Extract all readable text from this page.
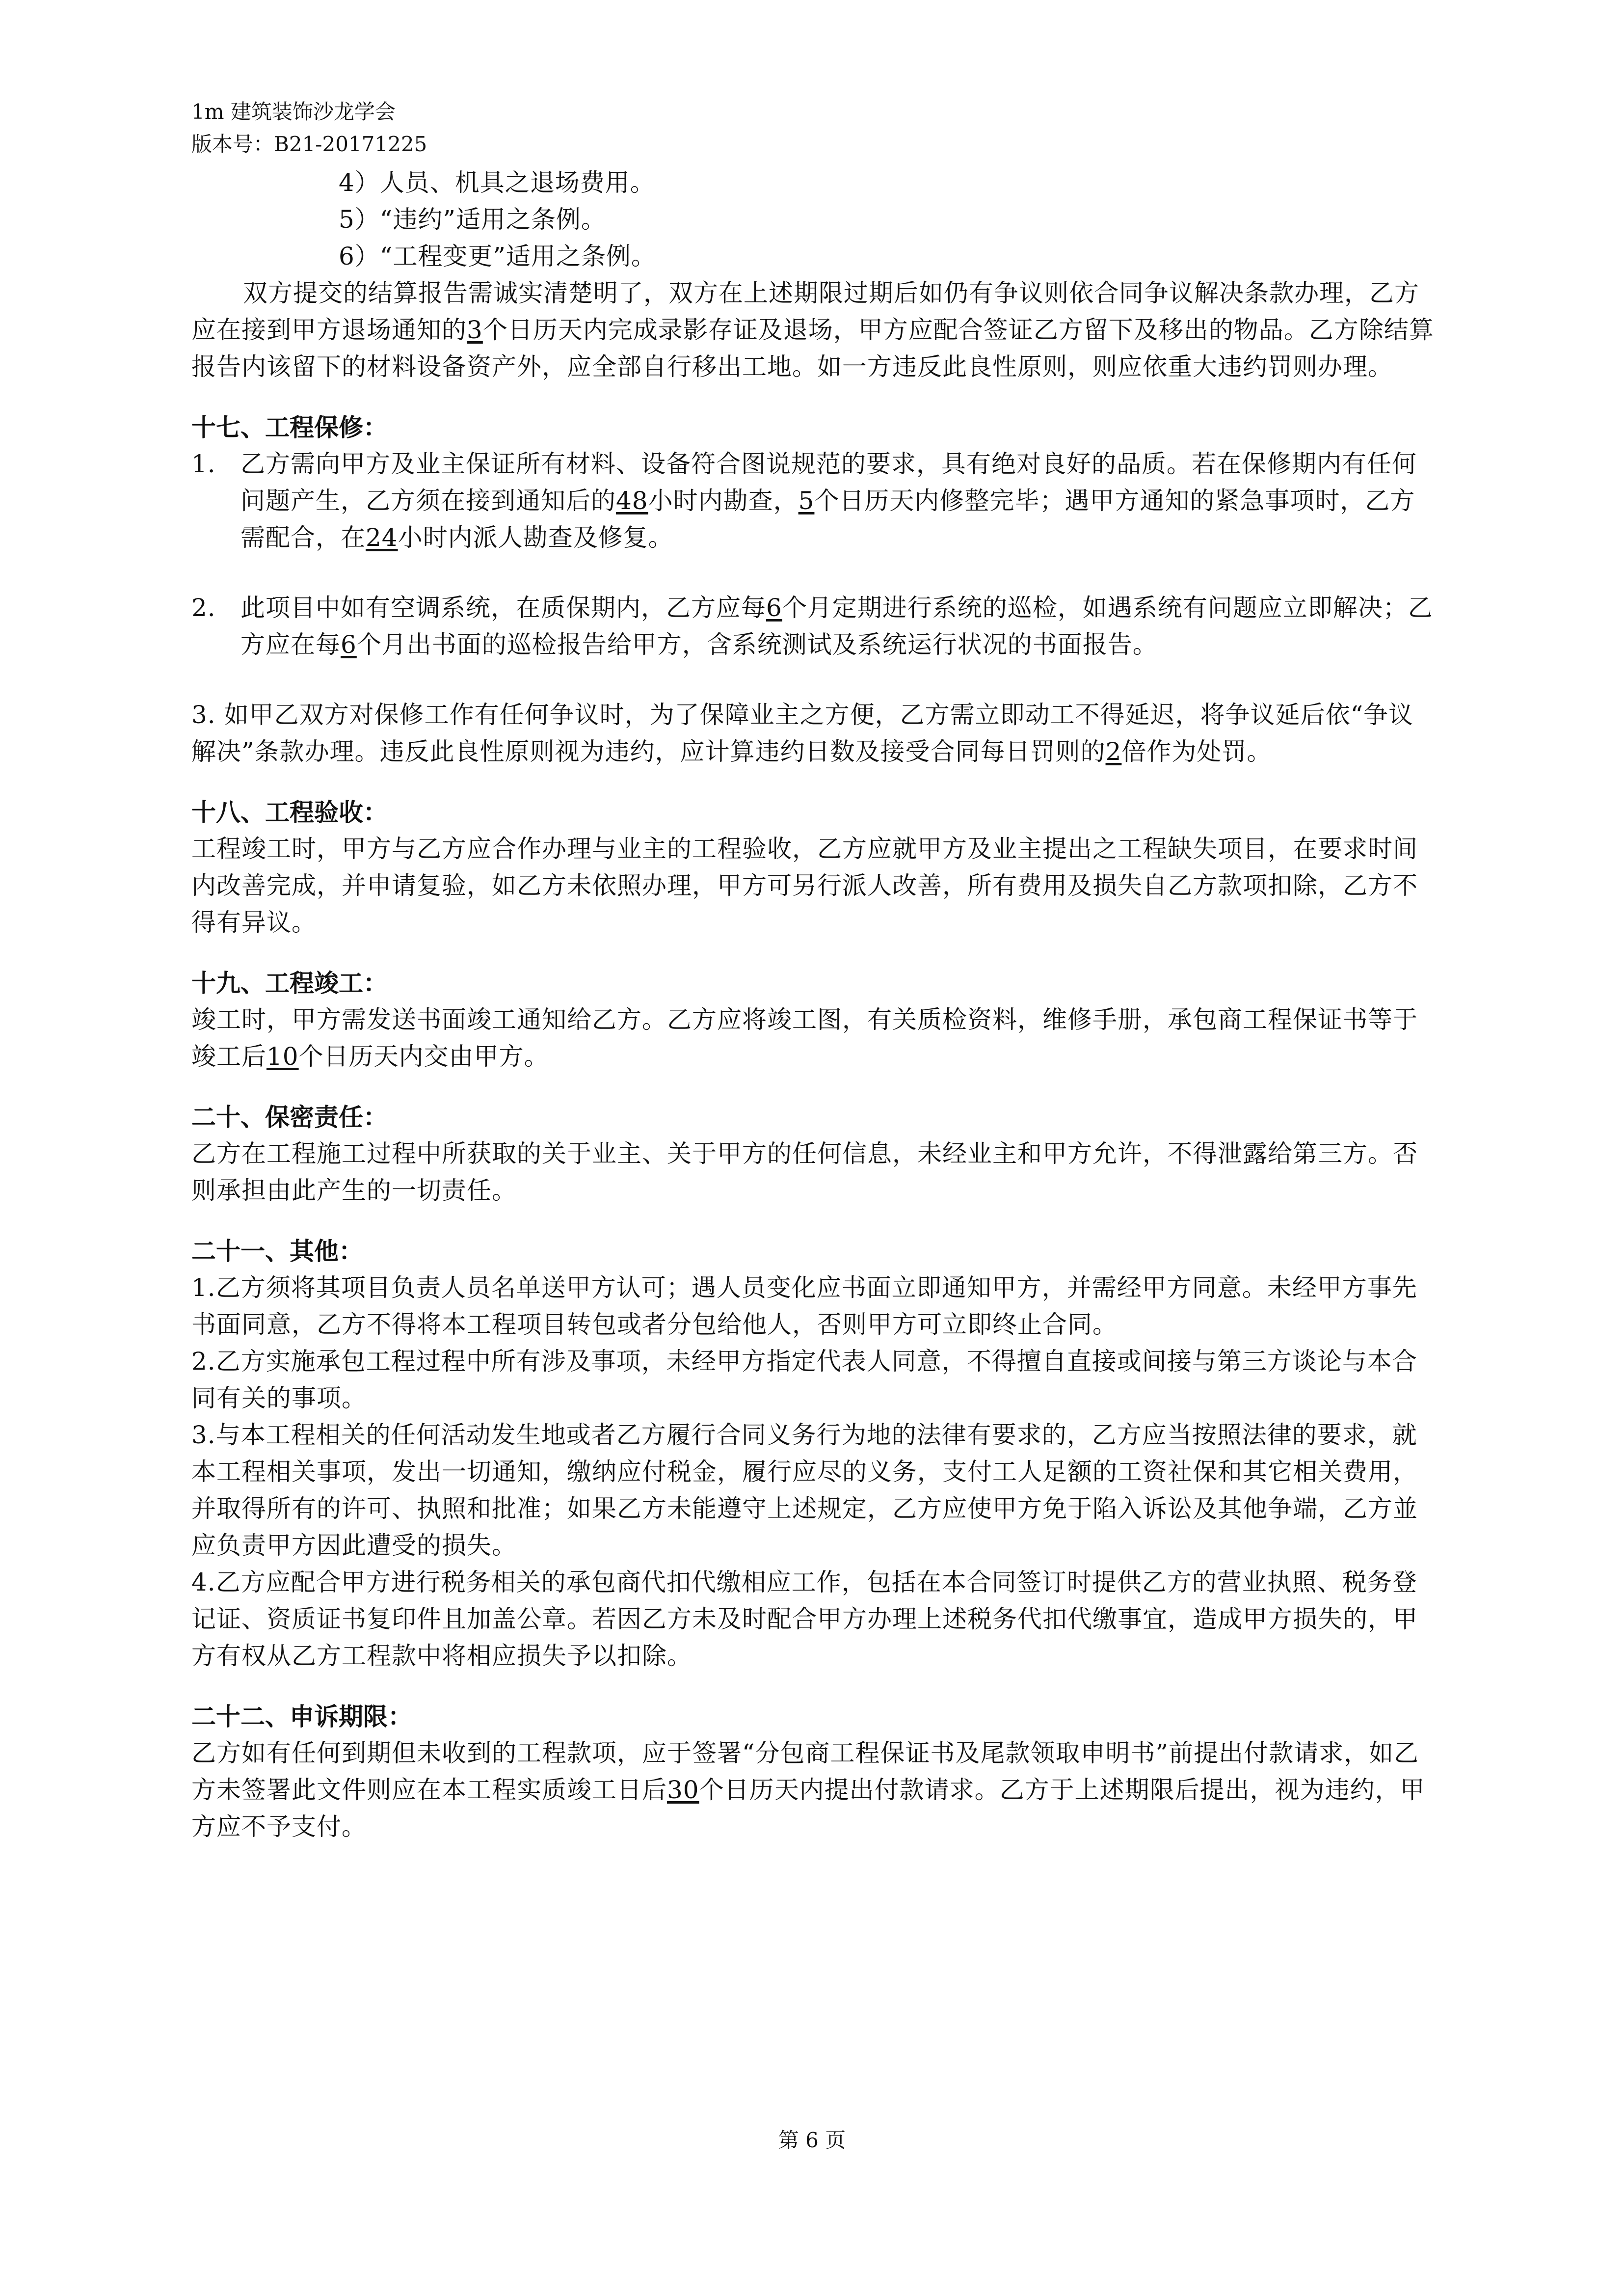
1m 建筑装饰沙龙学会
版本号：B21-20171225
4）人员、机具之退场费用。
5）“违约”适用之条例。
6）“工程变更”适用之条例。
双方提交的结算报告需诚实清楚明了，双方在上述期限过期后如仍有争议则依合同争议解决条款办理，乙方应在接到甲方退场通知的3个日历天内完成录影存证及退场，甲方应配合签证乙方留下及移出的物品。乙方除结算报告内该留下的材料设备资产外，应全部自行移出工地。如一方违反此良性原则，则应依重大违约罚则办理。
十七、工程保修：
1.	乙方需向甲方及业主保证所有材料、设备符合图说规范的要求，具有绝对良好的品质。若在保修期内有任何问题产生，乙方须在接到通知后的48小时内勘查，5个日历天内修整完毕；遇甲方通知的紧急事项时，乙方需配合，在24小时内派人勘查及修复。
2.	此项目中如有空调系统，在质保期内，乙方应每6个月定期进行系统的巡检，如遇系统有问题应立即解决；乙方应在每6个月出书面的巡检报告给甲方，含系统测试及系统运行状况的书面报告。
3. 如甲乙双方对保修工作有任何争议时，为了保障业主之方便，乙方需立即动工不得延迟，将争议延后依“争议解决”条款办理。违反此良性原则视为违约，应计算违约日数及接受合同每日罚则的2倍作为处罚。
十八、工程验收：
工程竣工时，甲方与乙方应合作办理与业主的工程验收，乙方应就甲方及业主提出之工程缺失项目，在要求时间内改善完成，并申请复验，如乙方未依照办理，甲方可另行派人改善，所有费用及损失自乙方款项扣除，乙方不得有异议。
十九、工程竣工：
竣工时，甲方需发送书面竣工通知给乙方。乙方应将竣工图，有关质检资料，维修手册，承包商工程保证书等于竣工后10个日历天内交由甲方。
二十、保密责任：
乙方在工程施工过程中所获取的关于业主、关于甲方的任何信息，未经业主和甲方允许，不得泄露给第三方。否则承担由此产生的一切责任。
二十一、其他：
1.乙方须将其项目负责人员名单送甲方认可；遇人员变化应书面立即通知甲方，并需经甲方同意。未经甲方事先书面同意，乙方不得将本工程项目转包或者分包给他人，否则甲方可立即终止合同。
2.乙方实施承包工程过程中所有涉及事项，未经甲方指定代表人同意，不得擅自直接或间接与第三方谈论与本合同有关的事项。
3.与本工程相关的任何活动发生地或者乙方履行合同义务行为地的法律有要求的，乙方应当按照法律的要求，就本工程相关事项，发出一切通知，缴纳应付税金，履行应尽的义务，支付工人足额的工资社保和其它相关费用，并取得所有的许可、执照和批准；如果乙方未能遵守上述规定，乙方应使甲方免于陷入诉讼及其他争端，乙方並应负责甲方因此遭受的损失。
4.乙方应配合甲方进行税务相关的承包商代扣代缴相应工作，包括在本合同签订时提供乙方的营业执照、税务登记证、资质证书复印件且加盖公章。若因乙方未及时配合甲方办理上述税务代扣代缴事宜，造成甲方损失的，甲方有权从乙方工程款中将相应损失予以扣除。
二十二、申诉期限：
乙方如有任何到期但未收到的工程款项，应于签署“分包商工程保证书及尾款领取申明书”前提出付款请求，如乙方未签署此文件则应在本工程实质竣工日后30个日历天内提出付款请求。乙方于上述期限后提出，视为违约，甲方应不予支付。
第 6 页
